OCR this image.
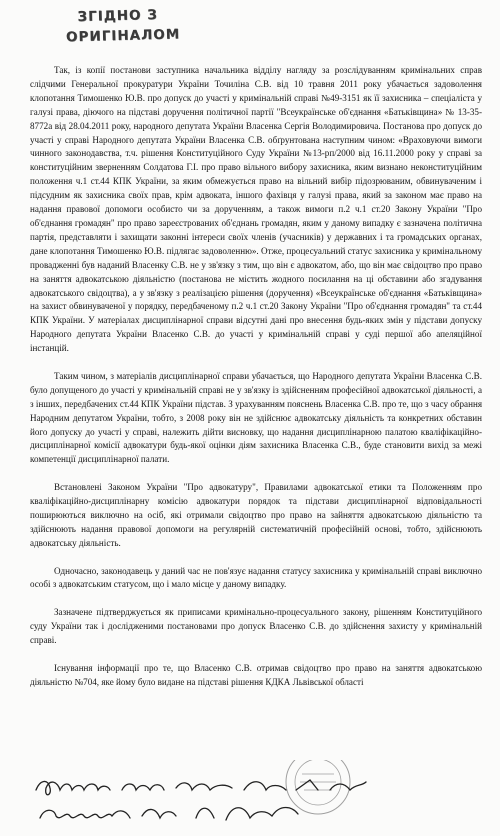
ЗГІДНО З
ОРИГІНАЛОМ

Так, із копії постанови заступника начальника відділу нагляду за розслідуванням кримінальних справ слідчими Генеральної прокуратури України Точиліна С.В. від 10 травня 2011 року убачається задоволення клопотання Тимошенко Ю.В. про допуск до участі у кримінальній справі №49-3151 як її захисника – спеціаліста у галузі права, діючого на підставі доручення політичної партії "Всеукраїнське об'єднання «Батьківщина» № 13-35-8772а від 28.04.2011 року, народного депутата України Власенка Сергія Володимировича. Постанова про допуск до участі у справі Народного депутата України Власенка С.В. обґрунтована наступним чином: «Враховуючи вимоги чинного законодавства, т.ч. рішення Конституційного Суду України №13-рп/2000 від 16.11.2000 року у справі за конституційним зверненням Солдатова Г.І. про право вільного вибору захисника, яким визнано неконституційним положення ч.1 ст.44 КПК України, за яким обмежується право на вільний вибір підозрюваним, обвинуваченим і підсудним як захисника своїх прав, крім адвоката, іншого фахівця у галузі права, який за законом має право на надання правової допомоги особисто чи за дорученням, а також вимоги п.2 ч.1 ст.20 Закону України "Про об'єднання громадян" про право зареєстрованих об'єднань громадян, яким у даному випадку є зазначена політична партія, представляти і захищати законні інтереси своїх членів (учасників) у державних і та громадських органах, дане клопотання Тимошенко Ю.В. підлягає задоволенню». Отже, процесуальний статус захисника у кримінальному провадженні був наданий Власенку С.В. не у зв'язку з тим, що він є адвокатом, або, що він має свідоцтво про право на заняття адвокатською діяльністю (постанова не містить жодного посилання на ці обставини або згадування адвокатського свідоцтва), а у зв'язку з реалізацією рішення (доручення) «Всеукраїнське об'єднання «Батьківщина» на захист обвинуваченої у порядку, передбаченому п.2 ч.1 ст.20 Закону України "Про об'єднання громадян" та ст.44 КПК України. У матеріалах дисциплінарної справи відсутні дані про внесення будь-яких змін у підстави допуску Народного депутата України Власенко С.В. до участі у кримінальній справі у суді першої або апеляційної інстанцій.

Таким чином, з матеріалів дисциплінарної справи убачається, що Народного депутата України Власенка С.В. було допущеного до участі у кримінальній справі не у зв'язку із здійсненням професійної адвокатської діяльності, а з інших, передбачених ст.44 КПК України підстав. З урахуванням пояснень Власенка С.В. про те, що з часу обрання Народним депутатом України, тобто, з 2008 року він не здійснює адвокатську діяльність та конкретних обставин його допуску до участі у справі, належить дійти висновку, що надання дисциплінарною палатою кваліфікаційно-дисциплінарної комісії адвокатури будь-якої оцінки діям захисника Власенка С.В., буде становити вихід за межі компетенції дисциплінарної палати.

Встановлені Законом України "Про адвокатуру", Правилами адвокатської етики та Положенням про кваліфікаційно-дисциплінарну комісію адвокатури порядок та підстави дисциплінарної відповідальності поширюються виключно на осіб, які отримали свідоцтво про право на зайняття адвокатською діяльністю та здійснюють надання правової допомоги на регулярній систематичній професійній основі, тобто, здійснюють адвокатську діяльність.

Одночасно, законодавець у даний час не пов'язує надання статусу захисника у кримінальній справі виключно особі з адвокатським статусом, що і мало місце у даному випадку.

Зазначене підтверджується як приписами кримінально-процесуального закону, рішенням Конституційного суду України так і дослідженими постановами про допуск Власенко С.В. до здійснення захисту у кримінальній справі.

Існування інформації про те, що Власенко С.В. отримав свідоцтво про право на заняття адвокатською діяльністю №704, яке йому було видане на підставі рішення КДКА Львівської області
